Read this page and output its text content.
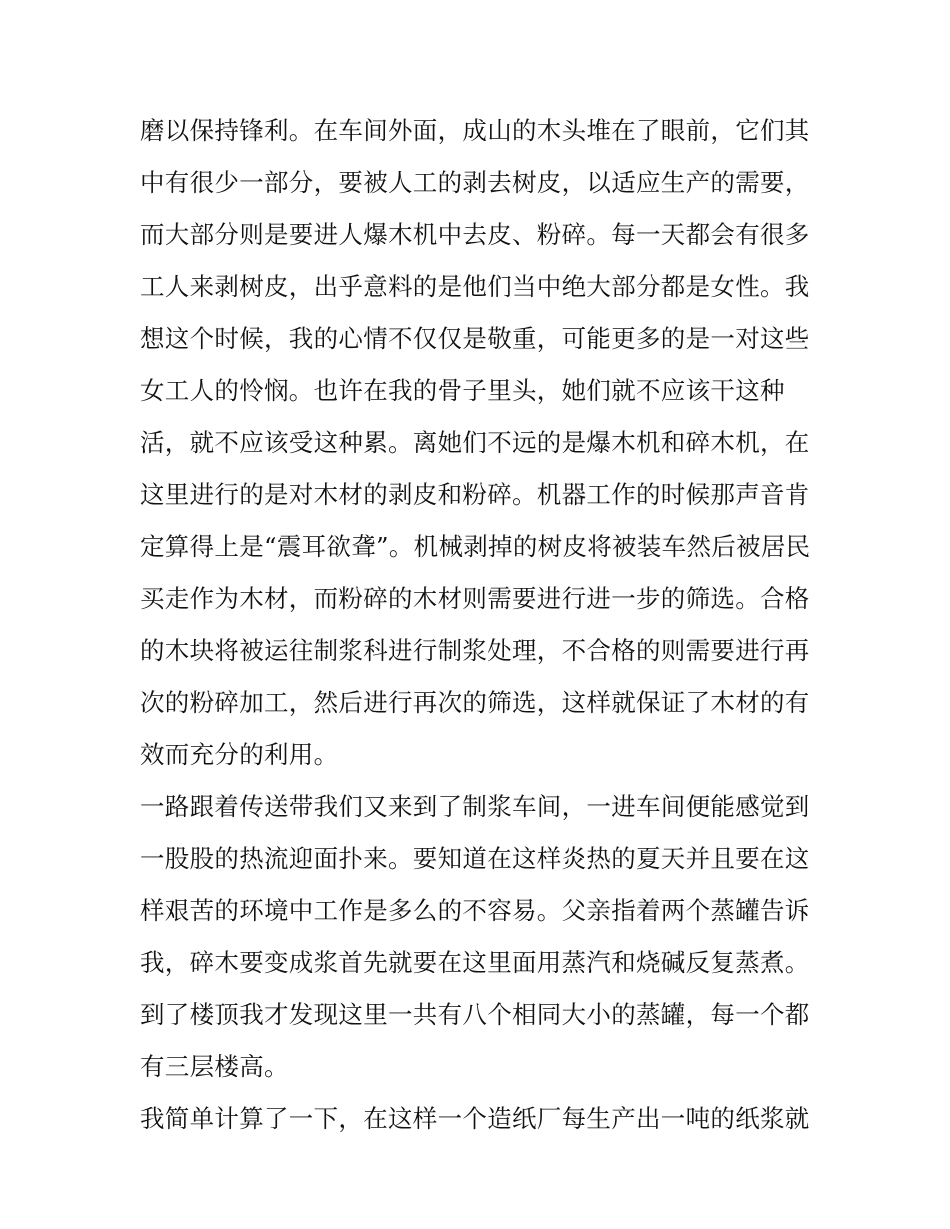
磨以保持锋利。在车间外面，成山的木头堆在了眼前，它们其
中有很少一部分，要被人工的剥去树皮，以适应生产的需要，
而大部分则是要进人爆木机中去皮、粉碎。每一天都会有很多
工人来剥树皮，出乎意料的是他们当中绝大部分都是女性。我
想这个时候，我的心情不仅仅是敬重，可能更多的是一对这些
女工人的怜悯。也许在我的骨子里头，她们就不应该干这种
活，就不应该受这种累。离她们不远的是爆木机和碎木机，在
这里进行的是对木材的剥皮和粉碎。机器工作的时候那声音肯
定算得上是“震耳欲聋”。机械剥掉的树皮将被装车然后被居民
买走作为木材，而粉碎的木材则需要进行进一步的筛选。合格
的木块将被运往制浆科进行制浆处理，不合格的则需要进行再
次的粉碎加工，然后进行再次的筛选，这样就保证了木材的有
效而充分的利用。
一路跟着传送带我们又来到了制浆车间，一进车间便能感觉到
一股股的热流迎面扑来。要知道在这样炎热的夏天并且要在这
样艰苦的环境中工作是多么的不容易。父亲指着两个蒸罐告诉
我，碎木要变成浆首先就要在这里面用蒸汽和烧碱反复蒸煮。
到了楼顶我才发现这里一共有八个相同大小的蒸罐，每一个都
有三层楼高。
我简单计算了一下，在这样一个造纸厂每生产出一吨的纸浆就
